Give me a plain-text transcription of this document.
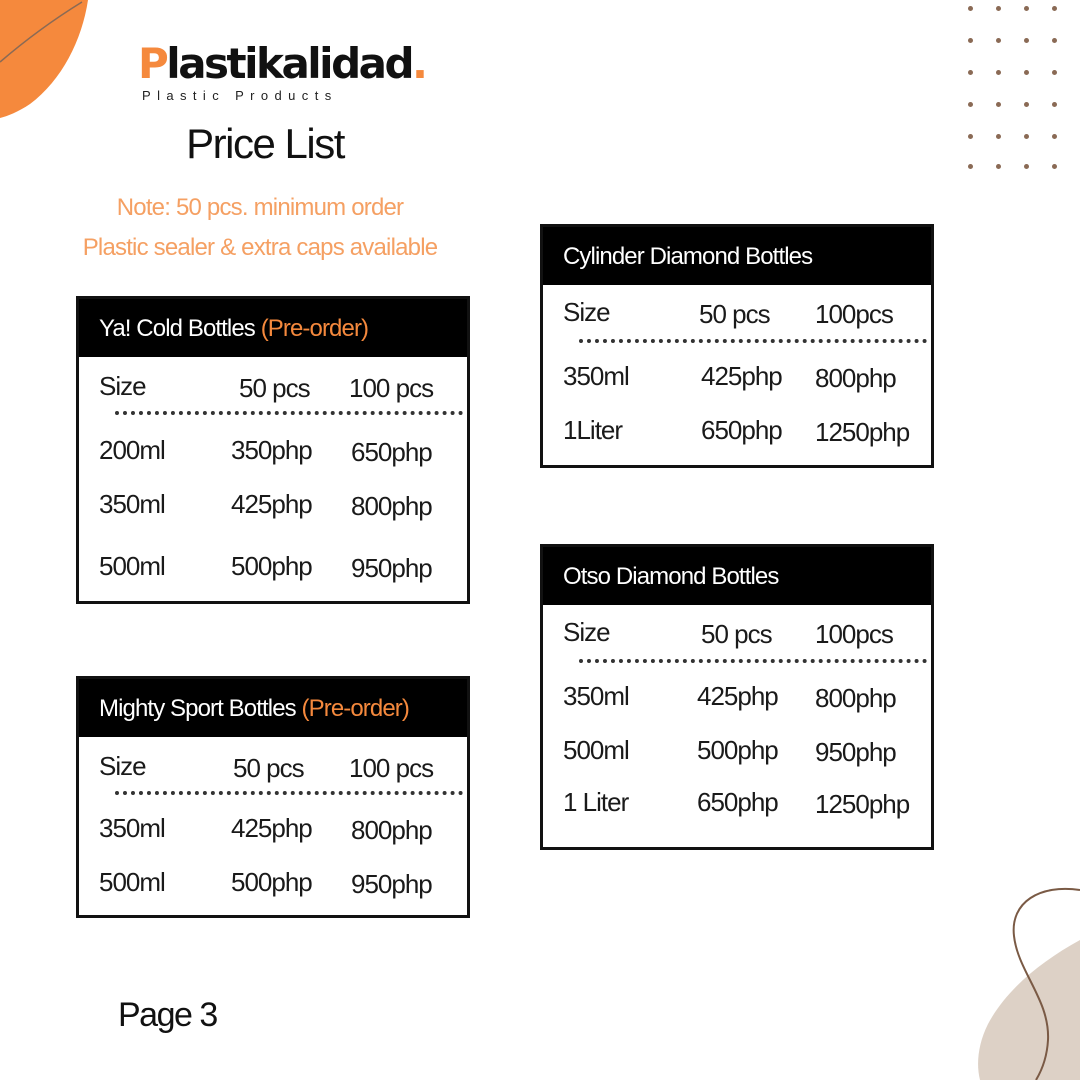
Plastikalidad.
Plastic Products
Price List
Note: 50 pcs. minimum order
Plastic sealer & extra caps available
Ya! Cold Bottles (Pre-order)
Size	50 pcs 100 pcs
200ml	350php 650php
350ml	425php 800php
500ml	500php 950php
Mighty Sport Bottles (Pre-order)
Size	50 pcs 100 pcs
350ml	425php 800php
500ml	500php 950php
Cylinder Diamond Bottles
Size	50 pcs 100pcs
350ml	425php 800php
1Liter	650php 1250php
Otso Diamond Bottles
Size	50 pcs 100pcs
350ml	425php 800php
500ml	500php 950php
1 Liter	650php 1250php
Page 3
